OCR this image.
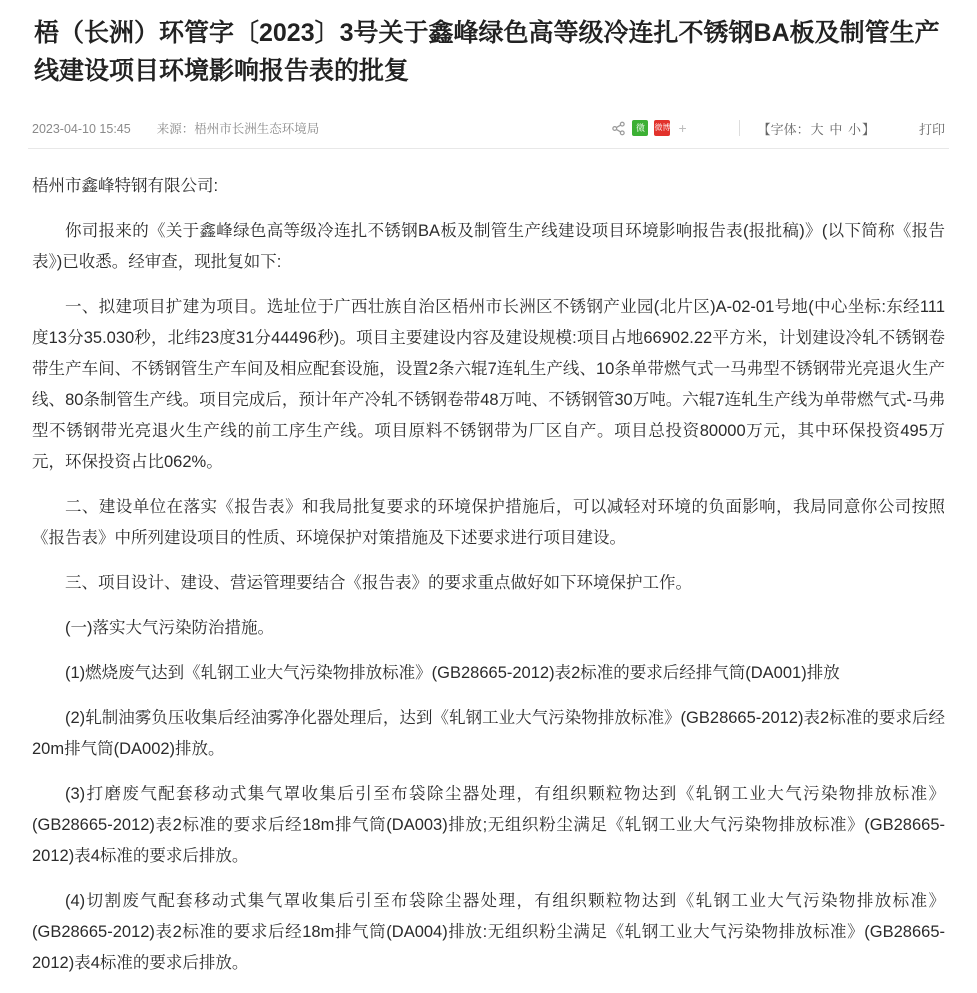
梧（长洲）环管字〔2023〕3号关于鑫峰绿色高等级冷连扎不锈钢BA板及制管生产线建设项目环境影响报告表的批复
2023-04-10 15:45 来源：梧州市长洲生态环境局	微	微博 +	【字体：大 中 小】	打印

梧州市鑫峰特钢有限公司:

你司报来的《关于鑫峰绿色高等级冷连扎不锈钢BA板及制管生产线建设项目环境影响报告表(报批稿)》(以下简称《报告表》)已收悉。经审查，现批复如下:

一、拟建项目扩建为项目。选址位于广西壮族自治区梧州市长洲区不锈钢产业园(北片区)A-02-01号地(中心坐标:东经111度13分35.030秒，北纬23度31分44496秒)。项目主要建设内容及建设规模:项目占地66902.22平方米，计划建设冷轧不锈钢卷带生产车间、不锈钢管生产车间及相应配套设施，设置2条六辊7连轧生产线、10条单带燃气式一马弗型不锈钢带光亮退火生产线、80条制管生产线。项目完成后，预计年产冷轧不锈钢卷带48万吨、不锈钢管30万吨。六辊7连轧生产线为单带燃气式-马弗型不锈钢带光亮退火生产线的前工序生产线。项目原料不锈钢带为厂区自产。项目总投资80000万元，其中环保投资495万元，环保投资占比062%。

二、建设单位在落实《报告表》和我局批复要求的环境保护措施后，可以减轻对环境的负面影响，我局同意你公司按照《报告表》中所列建设项目的性质、环境保护对策措施及下述要求进行项目建设。

三、项目设计、建设、营运管理要结合《报告表》的要求重点做好如下环境保护工作。

(一)落实大气污染防治措施。

(1)燃烧废气达到《轧钢工业大气污染物排放标准》(GB28665-2012)表2标准的要求后经排气筒(DA001)排放

(2)轧制油雾负压收集后经油雾净化器处理后，达到《轧钢工业大气污染物排放标准》(GB28665-2012)表2标准的要求后经20m排气筒(DA002)排放。

(3)打磨废气配套移动式集气罩收集后引至布袋除尘器处理，有组织颗粒物达到《轧钢工业大气污染物排放标准》(GB28665-2012)表2标准的要求后经18m排气筒(DA003)排放;无组织粉尘满足《轧钢工业大气污染物排放标准》(GB28665-2012)表4标准的要求后排放。

(4)切割废气配套移动式集气罩收集后引至布袋除尘器处理，有组织颗粒物达到《轧钢工业大气污染物排放标准》(GB28665-2012)表2标准的要求后经18m排气筒(DA004)排放:无组织粉尘满足《轧钢工业大气污染物排放标准》(GB28665-2012)表4标准的要求后排放。
